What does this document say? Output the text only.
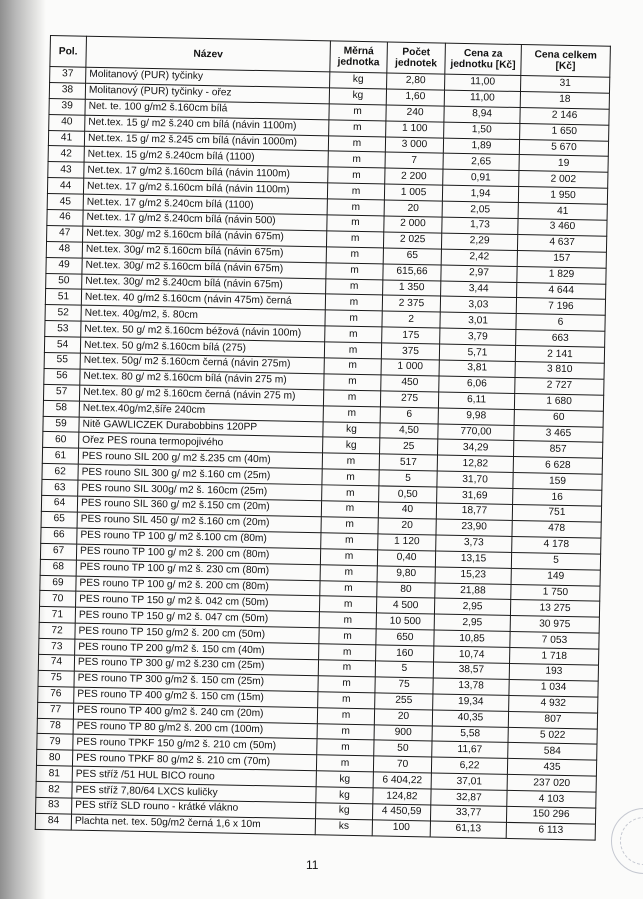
Pol.	Název	Měrná jednotka	Počet jednotek	Cena za jednotku [Kč]	Cena celkem [Kč]
37	Molitanový (PUR) tyčinky	kg	2,80	11,00	31
38	Molitanový (PUR) tyčinky - ořez	kg	1,60	11,00	18
39	Net. te. 100 g/m2 š.160cm bílá	m	240	8,94	2 146
40	Net.tex. 15 g/ m2 š.240 cm bílá (návin 1100m)	m	1 100	1,50	1 650
41	Net.tex. 15 g/ m2 š.245 cm bílá (návin 1000m)	m	3 000	1,89	5 670
42	Net.tex. 15 g/m2 š.240cm bílá (1100)	m	7	2,65	19
43	Net.tex. 17 g/m2 š.160cm bílá (návin 1100m)	m	2 200	0,91	2 002
44	Net.tex. 17 g/m2 š.160cm bílá (návin 1100m)	m	1 005	1,94	1 950
45	Net.tex. 17 g/m2 š.240cm bílá (1100)	m	20	2,05	41
46	Net.tex. 17 g/m2 š.240cm bílá (návin 500)	m	2 000	1,73	3 460
47	Net.tex. 30g/ m2 š.160cm bílá (návin 675m)	m	2 025	2,29	4 637
48	Net.tex. 30g/ m2 š.160cm bílá (návin 675m)	m	65	2,42	157
49	Net.tex. 30g/ m2 š.160cm bílá (návin 675m)	m	615,66	2,97	1 829
50	Net.tex. 30g/ m2 š.240cm bílá (návin 675m)	m	1 350	3,44	4 644
51	Net.tex. 40 g/m2 š.160cm (návin 475m) černá	m	2 375	3,03	7 196
52	Net.tex. 40g/m2, š. 80cm	m	2	3,01	6
53	Net.tex. 50 g/ m2 š.160cm béžová (návin 100m)	m	175	3,79	663
54	Net.tex. 50 g/m2 š.160cm bílá (275)	m	375	5,71	2 141
55	Net.tex. 50g/ m2 š.160cm černá (návin 275m)	m	1 000	3,81	3 810
56	Net.tex. 80 g/ m2 š.160cm bílá (návin 275 m)	m	450	6,06	2 727
57	Net.tex. 80 g/ m2 š.160cm černá (návin 275 m)	m	275	6,11	1 680
58	Net.tex.40g/m2,šíře 240cm	m	6	9,98	60
59	Nitě GAWLICZEK Durabobbins 120PP	kg	4,50	770,00	3 465
60	Ořez PES rouna termopojivého	kg	25	34,29	857
61	PES rouno SIL 200 g/ m2 š.235 cm (40m)	m	517	12,82	6 628
62	PES rouno SIL 300 g/ m2 š.160 cm (25m)	m	5	31,70	159
63	PES rouno SIL 300g/ m2 š. 160cm (25m)	m	0,50	31,69	16
64	PES rouno SIL 360 g/ m2 š.150 cm (20m)	m	40	18,77	751
65	PES rouno SIL 450 g/ m2 š.160 cm (20m)	m	20	23,90	478
66	PES rouno TP 100 g/ m2 š.100 cm (80m)	m	1 120	3,73	4 178
67	PES rouno TP 100 g/ m2 š. 200 cm (80m)	m	0,40	13,15	5
68	PES rouno TP 100 g/ m2 š. 230 cm (80m)	m	9,80	15,23	149
69	PES rouno TP 100 g/ m2 š. 200 cm (80m)	m	80	21,88	1 750
70	PES rouno TP 150 g/ m2 š. 042 cm (50m)	m	4 500	2,95	13 275
71	PES rouno TP 150 g/ m2 š. 047 cm (50m)	m	10 500	2,95	30 975
72	PES rouno TP 150 g/m2 š. 200 cm (50m)	m	650	10,85	7 053
73	PES rouno TP 200 g/m2 š. 150 cm (40m)	m	160	10,74	1 718
74	PES rouno TP 300 g/ m2 š.230 cm (25m)	m	5	38,57	193
75	PES rouno TP 300 g/m2 š. 150 cm (25m)	m	75	13,78	1 034
76	PES rouno TP 400 g/m2 š. 150 cm (15m)	m	255	19,34	4 932
77	PES rouno TP 400 g/m2 š. 240 cm (20m)	m	20	40,35	807
78	PES rouno TP 80 g/m2 š. 200 cm (100m)	m	900	5,58	5 022
79	PES rouno TPKF 150 g/m2 š. 210 cm (50m)	m	50	11,67	584
80	PES rouno TPKF 80 g/m2 š. 210 cm (70m)	m	70	6,22	435
81	PES stříž /51 HUL BICO rouno	kg	6 404,22	37,01	237 020
82	PES stříž 7,80/64 LXCS kuličky	kg	124,82	32,87	4 103
83	PES stříž SLD rouno - krátké vlákno	kg	4 450,59	33,77	150 296
84	Plachta net. tex. 50g/m2 černá 1,6 x 10m	ks	100	61,13	6 113
11
